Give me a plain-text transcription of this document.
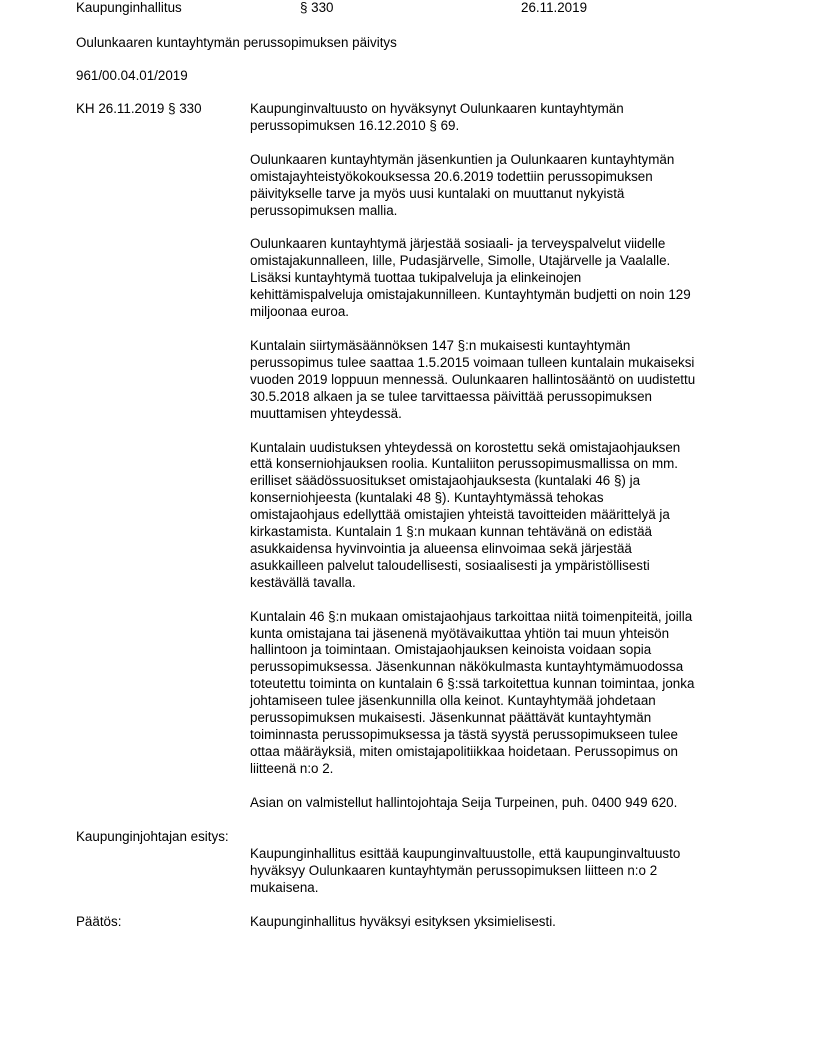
Kaupunginhallitus	§ 330	26.11.2019
Oulunkaaren kuntayhtymän perussopimuksen päivitys
961/00.04.01/2019
KH 26.11.2019 § 330	Kaupunginvaltuusto on hyväksynyt Oulunkaaren kuntayhtymän
perussopimuksen 16.12.2010 § 69.
Oulunkaaren kuntayhtymän jäsenkuntien ja Oulunkaaren kuntayhtymän
omistajayhteistyökokouksessa 20.6.2019 todettiin perussopimuksen
päivitykselle tarve ja myös uusi kuntalaki on muuttanut nykyistä
perussopimuksen mallia.
Oulunkaaren kuntayhtymä järjestää sosiaali- ja terveyspalvelut viidelle
omistajakunnalleen, Iille, Pudasjärvelle, Simolle, Utajärvelle ja Vaalalle.
Lisäksi kuntayhtymä tuottaa tukipalveluja ja elinkeinojen
kehittämispalveluja omistajakunnilleen. Kuntayhtymän budjetti on noin 129
miljoonaa euroa.
Kuntalain siirtymäsäännöksen 147 §:n mukaisesti kuntayhtymän
perussopimus tulee saattaa 1.5.2015 voimaan tulleen kuntalain mukaiseksi
vuoden 2019 loppuun mennessä. Oulunkaaren hallintosääntö on uudistettu
30.5.2018 alkaen ja se tulee tarvittaessa päivittää perussopimuksen
muuttamisen yhteydessä.
Kuntalain uudistuksen yhteydessä on korostettu sekä omistajaohjauksen
että konserniohjauksen roolia. Kuntaliiton perussopimusmallissa on mm.
erilliset säädössuositukset omistajaohjauksesta (kuntalaki 46 §) ja
konserniohjeesta (kuntalaki 48 §). Kuntayhtymässä tehokas
omistajaohjaus edellyttää omistajien yhteistä tavoitteiden määrittelyä ja
kirkastamista. Kuntalain 1 §:n mukaan kunnan tehtävänä on edistää
asukkaidensa hyvinvointia ja alueensa elinvoimaa sekä järjestää
asukkailleen palvelut taloudellisesti, sosiaalisesti ja ympäristöllisesti
kestävällä tavalla.
Kuntalain 46 §:n mukaan omistajaohjaus tarkoittaa niitä toimenpiteitä, joilla
kunta omistajana tai jäsenenä myötävaikuttaa yhtiön tai muun yhteisön
hallintoon ja toimintaan. Omistajaohjauksen keinoista voidaan sopia
perussopimuksessa. Jäsenkunnan näkökulmasta kuntayhtymämuodossa
toteutettu toiminta on kuntalain 6 §:ssä tarkoitettua kunnan toimintaa, jonka
johtamiseen tulee jäsenkunnilla olla keinot. Kuntayhtymää johdetaan
perussopimuksen mukaisesti. Jäsenkunnat päättävät kuntayhtymän
toiminnasta perussopimuksessa ja tästä syystä perussopimukseen tulee
ottaa määräyksiä, miten omistajapolitiikkaa hoidetaan. Perussopimus on
liitteenä n:o 2.
Asian on valmistellut hallintojohtaja Seija Turpeinen, puh. 0400 949 620.
Kaupunginjohtajan esitys:
Kaupunginhallitus esittää kaupunginvaltuustolle, että kaupunginvaltuusto
hyväksyy Oulunkaaren kuntayhtymän perussopimuksen liitteen n:o 2
mukaisena.
Päätös:	Kaupunginhallitus hyväksyi esityksen yksimielisesti.
